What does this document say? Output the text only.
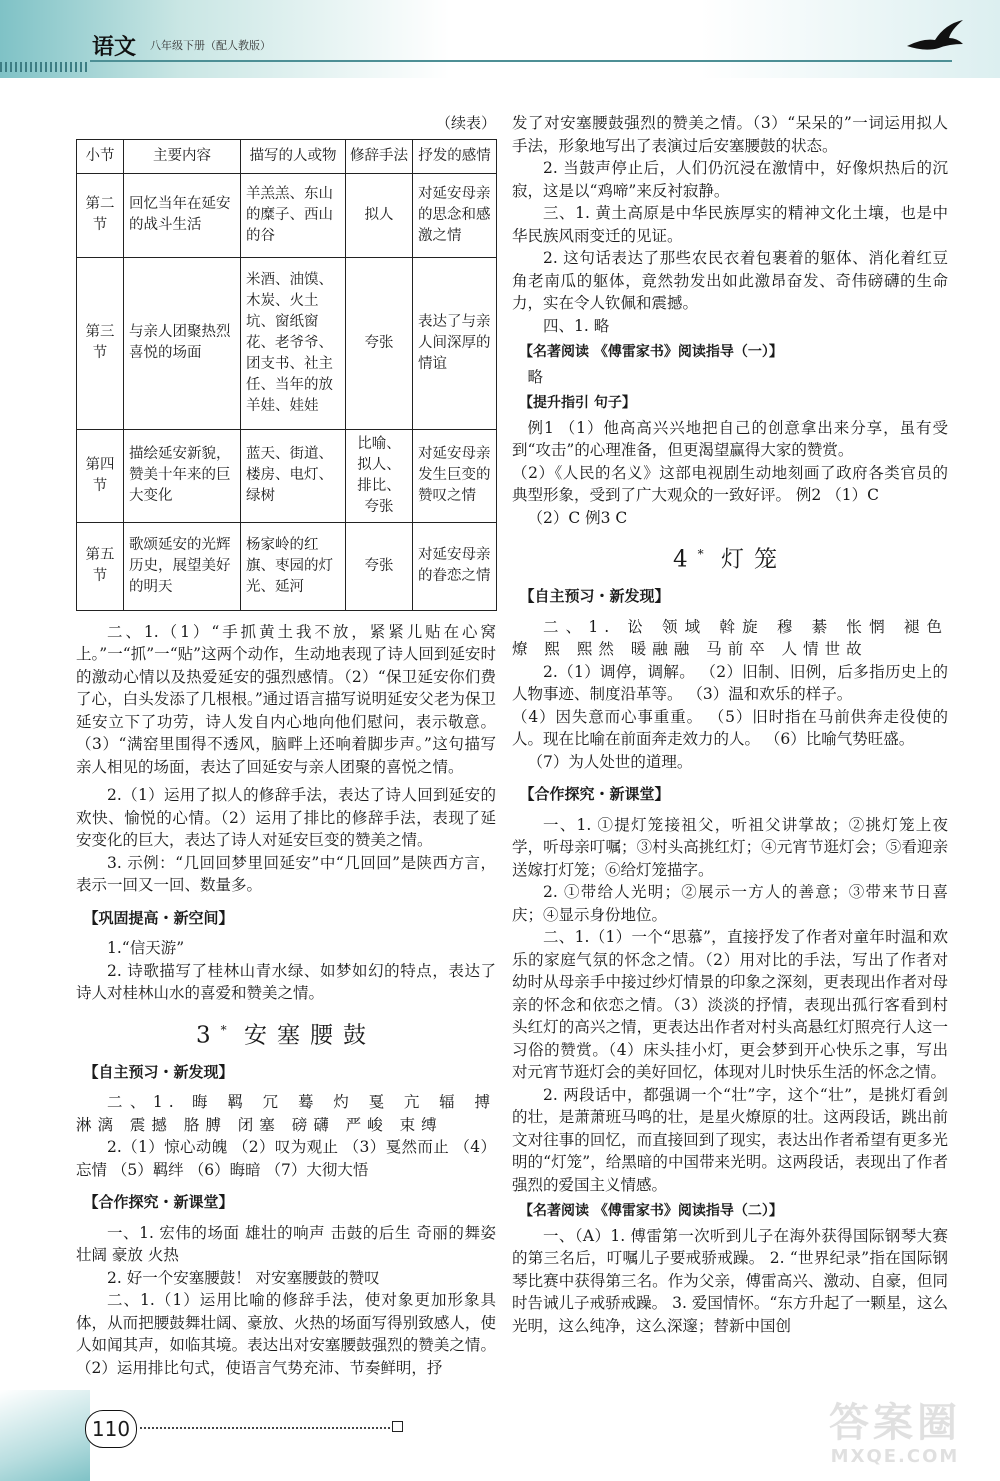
语文 八年级下册（配人教版）
（续表）
小节	主要内容	描写的人或物	修辞手法	抒发的感情
第二节	回忆当年在延安的战斗生活	羊羔羔、东山的糜子、西山的谷	拟人	对延安母亲的思念和感激之情
第三节	与亲人团聚热烈喜悦的场面	米酒、油馍、木炭、火土坑、窗纸窗花、老爷爷、团支书、社主任、当年的放羊娃、娃娃	夸张	表达了与亲人间深厚的情谊
第四节	描绘延安新貌，赞美十年来的巨大变化	蓝天、街道、楼房、电灯、绿树	比喻、拟人、排比、夸张	对延安母亲发生巨变的赞叹之情
第五节	歌颂延安的光辉历史，展望美好的明天	杨家岭的红旗、枣园的灯光、延河	夸张	对延安母亲的眷恋之情

二、1.（1）“手抓黄土我不放，紧紧儿贴在心窝上。”一“抓”一“贴”这两个动作，生动地表现了诗人回到延安时的激动心情以及热爱延安的强烈感情。（2）“保卫延安你们费了心，白头发添了几根根。”通过语言描写说明延安父老为保卫延安立下了功劳，诗人发自内心地向他们慰问，表示敬意。（3）“满窑里围得不透风，脑畔上还响着脚步声。”这句描写亲人相见的场面，表达了回延安与亲人团聚的喜悦之情。

2.（1）运用了拟人的修辞手法，表达了诗人回到延安的欢快、愉悦的心情。（2）运用了排比的修辞手法，表现了延安变化的巨大，表达了诗人对延安巨变的赞美之情。

3. 示例：“几回回梦里回延安”中“几回回”是陕西方言，表示一回又一回、数量多。

【巩固提高・新空间】

1.“信天游”

2. 诗歌描写了桂林山青水绿、如梦如幻的特点，表达了诗人对桂林山水的喜爱和赞美之情。

3* 安塞腰鼓
【自主预习・新发现】

二、1. 晦 羁 冗 蓦 灼 戛 亢 辐 搏 淋漓 震撼 胳膊 闭塞 磅礴 严峻 束缚

2.（1）惊心动魄 （2）叹为观止 （3）戛然而止 （4）忘情 （5）羁绊 （6）晦暗 （7）大彻大悟

【合作探究・新课堂】

一、1. 宏伟的场面 雄壮的响声 击鼓的后生 奇丽的舞姿 壮阔 豪放 火热

2. 好一个安塞腰鼓！ 对安塞腰鼓的赞叹

二、1.（1）运用比喻的修辞手法，使对象更加形象具体，从而把腰鼓舞壮阔、豪放、火热的场面写得别致感人，使人如闻其声，如临其境。表达出对安塞腰鼓强烈的赞美之情。（2）运用排比句式，使语言气势充沛、节奏鲜明，抒

发了对安塞腰鼓强烈的赞美之情。（3）“呆呆的”一词运用拟人手法，形象地写出了表演过后安塞腰鼓的状态。

2. 当鼓声停止后，人们仍沉浸在激情中，好像炽热后的沉寂，这是以“鸡啼”来反衬寂静。

三、1. 黄土高原是中华民族厚实的精神文化土壤，也是中华民族风雨变迁的见证。

2. 这句话表达了那些农民衣着包裹着的躯体、消化着红豆角老南瓜的躯体，竟然勃发出如此激昂奋发、奇伟磅礴的生命力，实在令人钦佩和震撼。

四、1. 略

【名著阅读 《傅雷家书》阅读指导（一）】

略

【提升指引 句子】

例1 （1）他高高兴兴地把自己的创意拿出来分享，虽有受到“攻击”的心理准备，但更渴望赢得大家的赞赏。

（2）《人民的名义》这部电视剧生动地刻画了政府各类官员的典型形象，受到了广大观众的一致好评。 例2 （1）C

（2）C 例3 C

4* 灯笼
【自主预习・新发现】

二、1. 讼 领域 斡旋 穆 綦 怅惘 褪色 燎 熙 熙然 暖融融 马前卒 人情世故

2.（1）调停，调解。 （2）旧制、旧例，后多指历史上的人物事迹、制度沿革等。 （3）温和欢乐的样子。

（4）因失意而心事重重。 （5）旧时指在马前供奔走役使的人。现在比喻在前面奔走效力的人。 （6）比喻气势旺盛。

（7）为人处世的道理。

【合作探究・新课堂】

一、1. ①提灯笼接祖父，听祖父讲掌故；②挑灯笼上夜学，听母亲叮嘱；③村头高挑红灯；④元宵节逛灯会；⑤看迎亲送嫁打灯笼；⑥给灯笼描字。

2. ①带给人光明；②展示一方人的善意；③带来节日喜庆；④显示身份地位。

二、1.（1）一个“思慕”，直接抒发了作者对童年时温和欢乐的家庭气氛的怀念之情。（2）用对比的手法，写出了作者对幼时从母亲手中接过纱灯情景的印象之深刻，更表现出作者对母亲的怀念和依恋之情。（3）淡淡的抒情，表现出孤行客看到村头红灯的高兴之情，更表达出作者对村头高悬红灯照亮行人这一习俗的赞赏。（4）床头挂小灯，更会梦到开心快乐之事，写出对元宵节逛灯会的美好回忆，体现对儿时快乐生活的怀念之情。

2. 两段话中，都强调一个“壮”字，这个“壮”，是挑灯看剑的壮，是萧萧班马鸣的壮，是星火燎原的壮。这两段话，跳出前文对往事的回忆，而直接回到了现实，表达出作者希望有更多光明的“灯笼”，给黑暗的中国带来光明。这两段话，表现出了作者强烈的爱国主义情感。

【名著阅读 《傅雷家书》阅读指导（二）】

一、（A）1. 傅雷第一次听到儿子在海外获得国际钢琴大赛的第三名后，叮嘱儿子要戒骄戒躁。 2. “世界纪录”指在国际钢琴比赛中获得第三名。作为父亲，傅雷高兴、激动、自豪，但同时告诫儿子戒骄戒躁。 3. 爱国情怀。“东方升起了一颗星，这么光明，这么纯净，这么深邃；替新中国创

110	答案圈
MXQE.COM
